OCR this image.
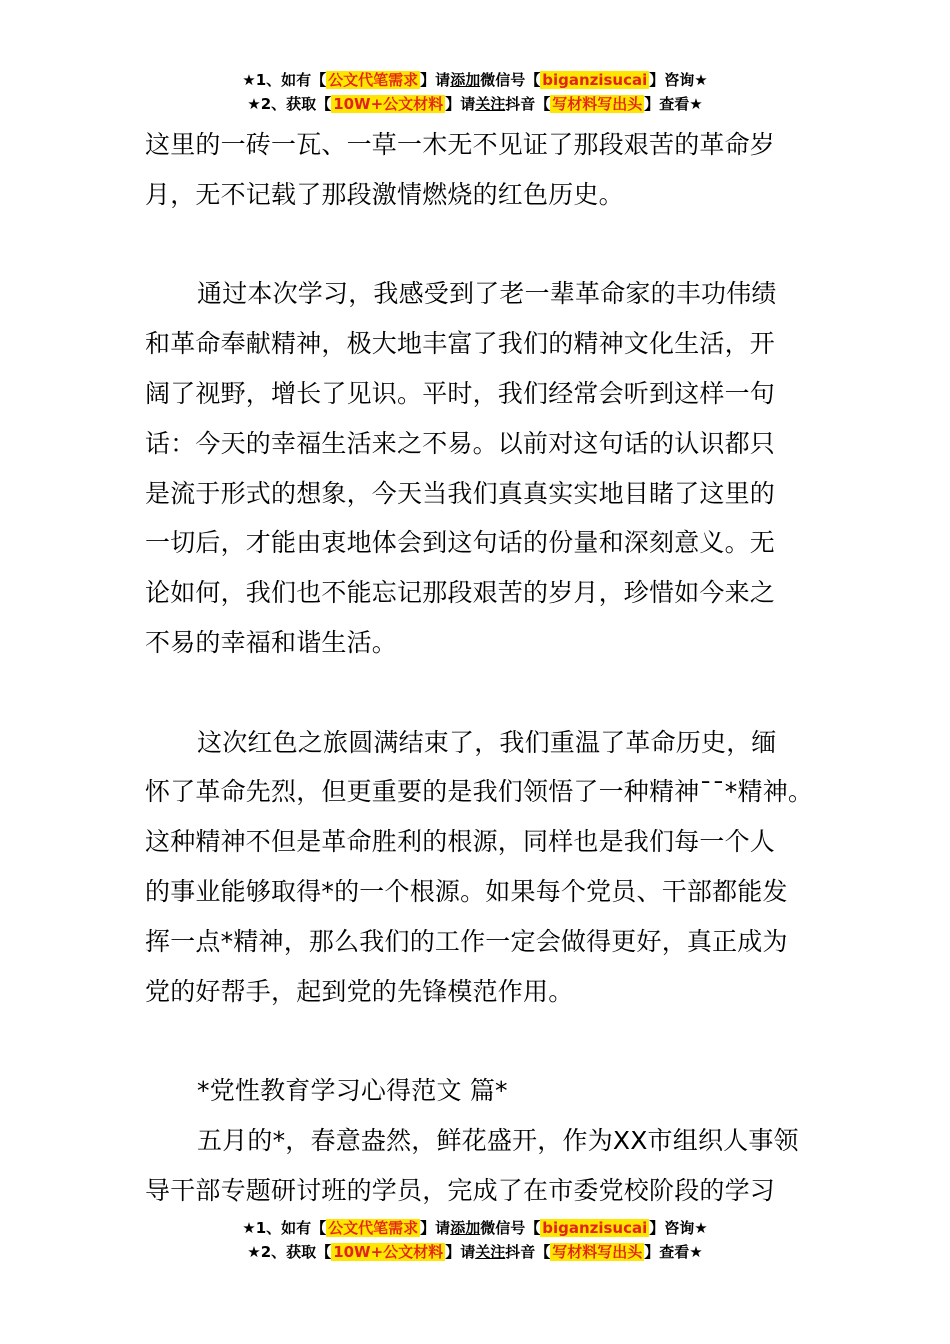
★1、如有【 公文代笔需求 】请添加微信号【 biganzisucai 】咨询★
★2、获取【 10W+公文材料 】请关注抖音【 写材料写出头 】查看★
这里的一砖一瓦、一草一木无不见证了那段艰苦的革命岁
月，无不记载了那段激情燃烧的红色历史。
通过本次学习，我感受到了老一辈革命家的丰功伟绩
和革命奉献精神，极大地丰富了我们的精神文化生活，开
阔了视野，增长了见识。平时，我们经常会听到这样一句
话：今天的幸福生活来之不易。以前对这句话的认识都只
是流于形式的想象，今天当我们真真实实地目睹了这里的
一切后，才能由衷地体会到这句话的份量和深刻意义。无
论如何，我们也不能忘记那段艰苦的岁月，珍惜如今来之
不易的幸福和谐生活。
这次红色之旅圆满结束了，我们重温了革命历史，缅
怀了革命先烈，但更重要的是我们领悟了一种精神¯¯*精神。
这种精神不但是革命胜利的根源，同样也是我们每一个人
的事业能够取得*的一个根源。如果每个党员、干部都能发
挥一点*精神，那么我们的工作一定会做得更好，真正成为
党的好帮手，起到党的先锋模范作用。
*党性教育学习心得范文 篇*
五月的*，春意盎然，鲜花盛开，作为XX市组织人事领
导干部专题研讨班的学员，完成了在市委党校阶段的学习
★1、如有【 公文代笔需求 】请添加微信号【 biganzisucai 】咨询★
★2、获取【 10W+公文材料 】请关注抖音【 写材料写出头 】查看★
